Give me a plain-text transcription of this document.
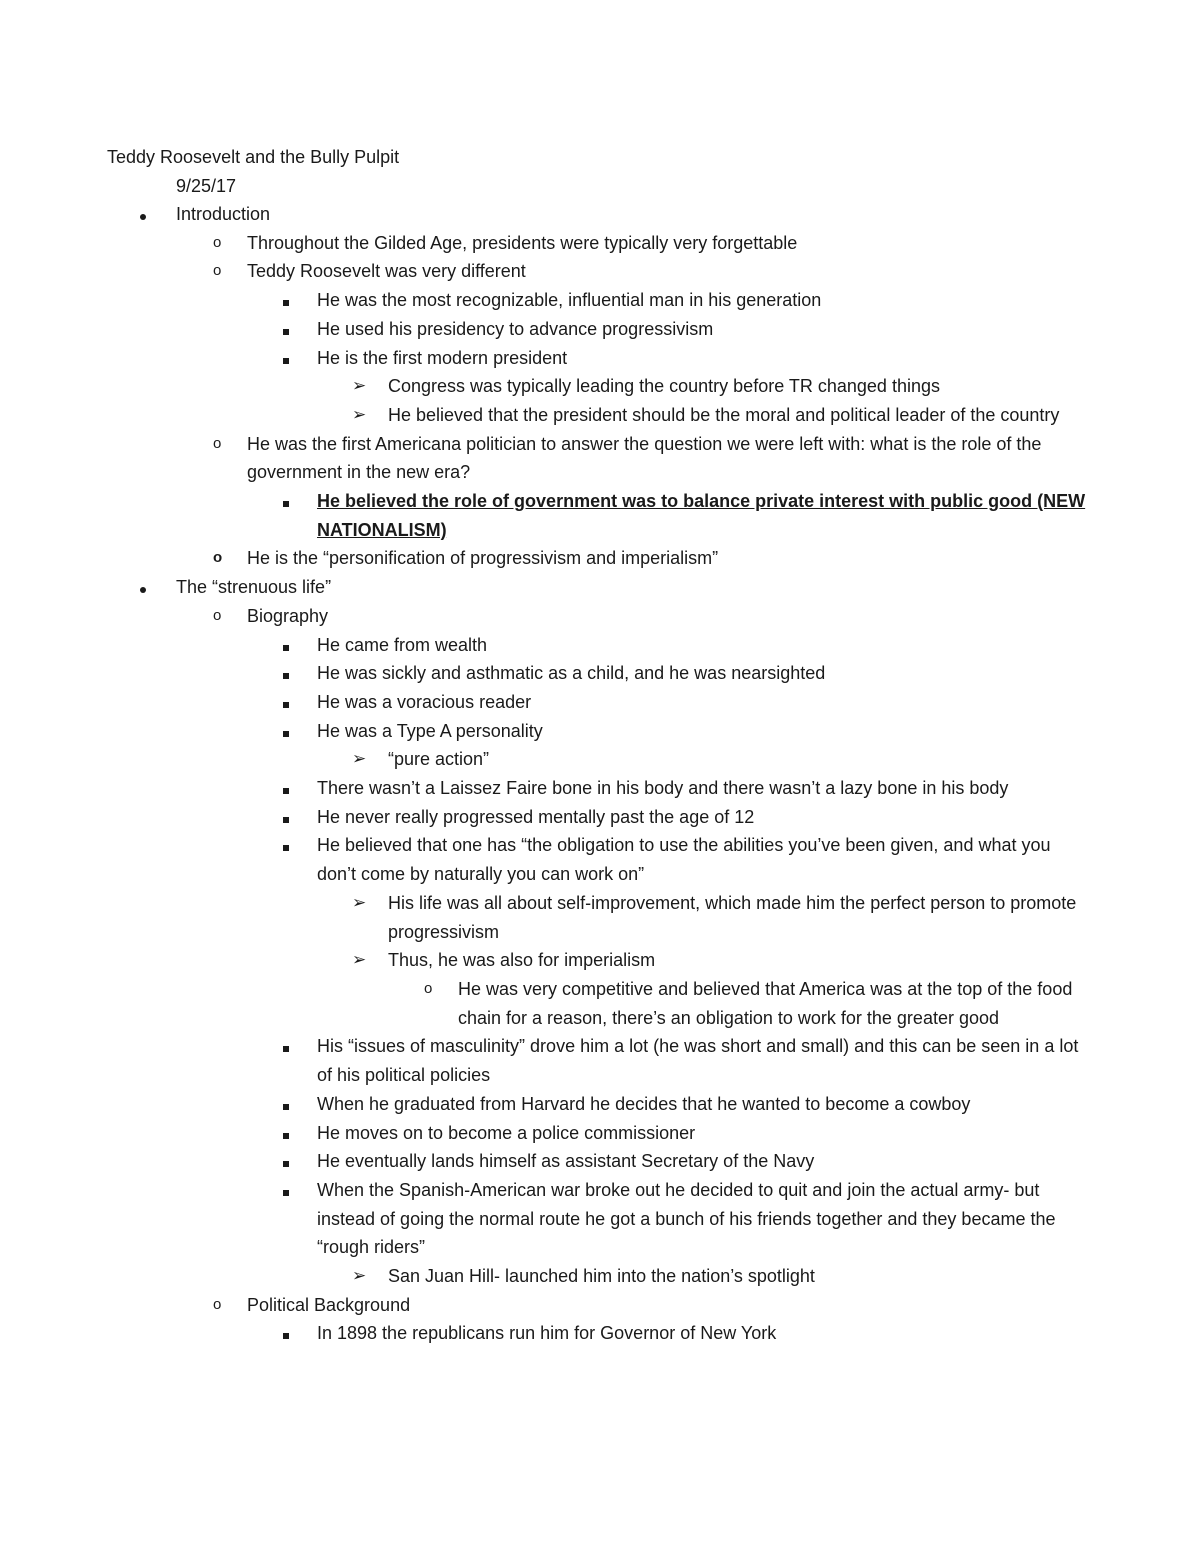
Teddy Roosevelt and the Bully Pulpit
9/25/17
Introduction
o	Throughout the Gilded Age, presidents were typically very forgettable
o	Teddy Roosevelt was very different
He was the most recognizable, influential man in his generation
He used his presidency to advance progressivism
He is the first modern president
➢	Congress was typically leading the country before TR changed things
➢	He believed that the president should be the moral and political leader of the country
o	He was the first Americana politician to answer the question we were left with: what is the role of the government in the new era?
He believed the role of government was to balance private interest with public good (NEW NATIONALISM)
o	He is the “personification of progressivism and imperialism”
The “strenuous life”
o	Biography
He came from wealth
He was sickly and asthmatic as a child, and he was nearsighted
He was a voracious reader
He was a Type A personality
➢	“pure action”
There wasn’t a Laissez Faire bone in his body and there wasn’t a lazy bone in his body
He never really progressed mentally past the age of 12
He believed that one has “the obligation to use the abilities you’ve been given, and what you don’t come by naturally you can work on”
➢	His life was all about self-improvement, which made him the perfect person to promote progressivism
➢	Thus, he was also for imperialism
o	He was very competitive and believed that America was at the top of the food chain for a reason, there’s an obligation to work for the greater good
His “issues of masculinity” drove him a lot (he was short and small) and this can be seen in a lot of his political policies
When he graduated from Harvard he decides that he wanted to become a cowboy
He moves on to become a police commissioner
He eventually lands himself as assistant Secretary of the Navy
When the Spanish-American war broke out he decided to quit and join the actual army- but instead of going the normal route he got a bunch of his friends together and they became the “rough riders”
➢	San Juan Hill- launched him into the nation’s spotlight
o	Political Background
In 1898 the republicans run him for Governor of New York
